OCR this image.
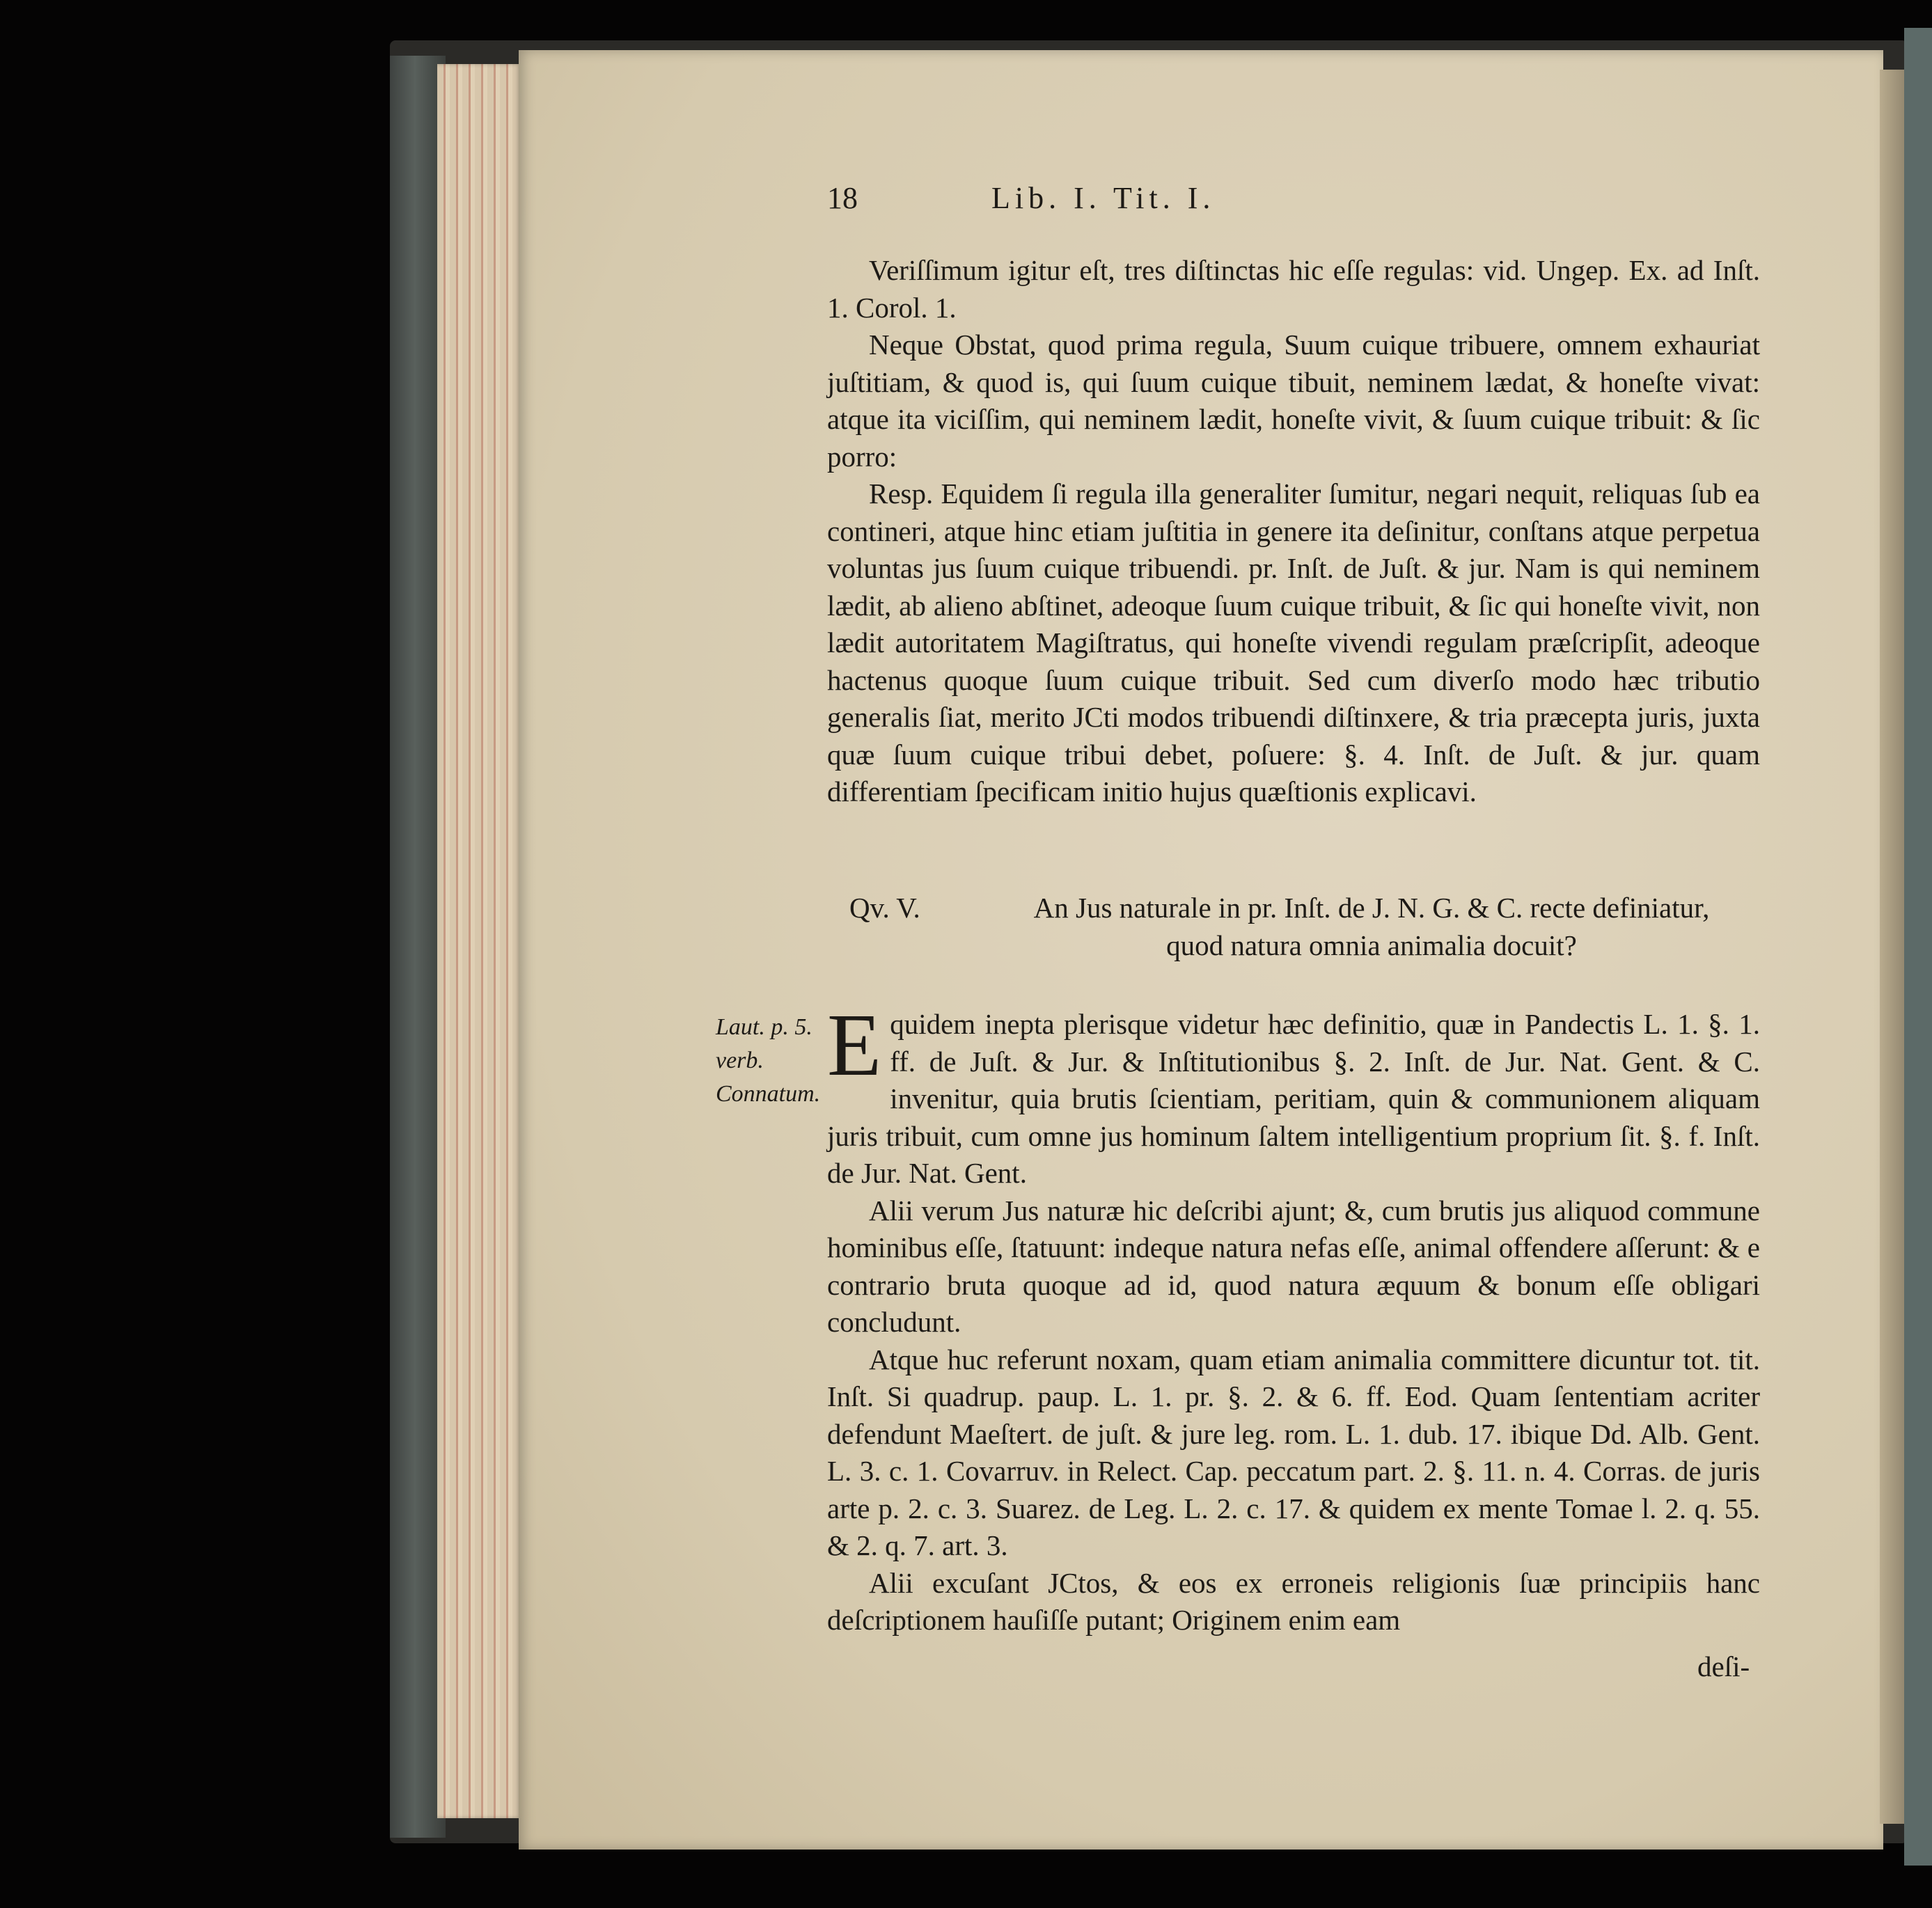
18	Lib. I. Tit. I.

Veriſſimum igitur eſt, tres diſtinctas hic eſſe regulas: vid. Ungep. Ex. ad Inſt. 1. Corol. 1.

Neque Obstat, quod prima regula, Suum cuique tribuere, omnem exhauriat juſtitiam, & quod is, qui ſuum cuique tibuit, neminem lædat, & honeſte vivat: atque ita viciſſim, qui neminem lædit, honeſte vivit, & ſuum cuique tribuit: & ſic porro:

Resp. Equidem ſi regula illa generaliter ſumitur, negari nequit, reliquas ſub ea contineri, atque hinc etiam juſtitia in genere ita deſinitur, conſtans atque perpetua voluntas jus ſuum cuique tribuendi. pr. Inſt. de Juſt. & jur. Nam is qui neminem lædit, ab alieno abſtinet, adeoque ſuum cuique tribuit, & ſic qui honeſte vivit, non lædit autoritatem Magiſtratus, qui honeſte vivendi regulam præſcripſit, adeoque hactenus quoque ſuum cuique tribuit. Sed cum diverſo modo hæc tributio generalis ſiat, merito JCti modos tribuendi diſtinxere, & tria præcepta juris, juxta quæ ſuum cuique tribui debet, poſuere: §. 4. Inſt. de Juſt. & jur. quam differentiam ſpecificam initio hujus quæſtionis explicavi.

Qv. V.	An Jus naturale in pr. Inſt. de J. N. G. & C. recte definiatur, quod natura omnia animalia docuit?
Laut. p. 5. verb. Connatum. E quidem inepta plerisque videtur hæc definitio, quæ in Pandectis L. 1. §. 1. ff. de Juſt. & Jur. & Inſtitutionibus §. 2. Inſt. de Jur. Nat. Gent. & C. invenitur, quia brutis ſcientiam, peritiam, quin & communionem aliquam juris tribuit, cum omne jus hominum ſaltem intelligentium proprium ſit. §. f. Inſt. de Jur. Nat. Gent.

Alii verum Jus naturæ hic deſcribi ajunt; &, cum brutis jus aliquod commune hominibus eſſe, ſtatuunt: indeque natura nefas eſſe, animal offendere aſſerunt: & e contrario bruta quoque ad id, quod natura æquum & bonum eſſe obligari concludunt.

Atque huc referunt noxam, quam etiam animalia committere dicuntur tot. tit. Inſt. Si quadrup. paup. L. 1. pr. §. 2. & 6. ff. Eod. Quam ſententiam acriter defendunt Maeſtert. de juſt. & jure leg. rom. L. 1. dub. 17. ibique Dd. Alb. Gent. L. 3. c. 1. Covarruv. in Relect. Cap. peccatum part. 2. §. 11. n. 4. Corras. de juris arte p. 2. c. 3. Suarez. de Leg. L. 2. c. 17. & quidem ex mente Tomae l. 2. q. 55. & 2. q. 7. art. 3.

Alii excuſant JCtos, & eos ex erroneis religionis ſuæ principiis hanc deſcriptionem hauſiſſe putant; Originem enim eam

deſi-
